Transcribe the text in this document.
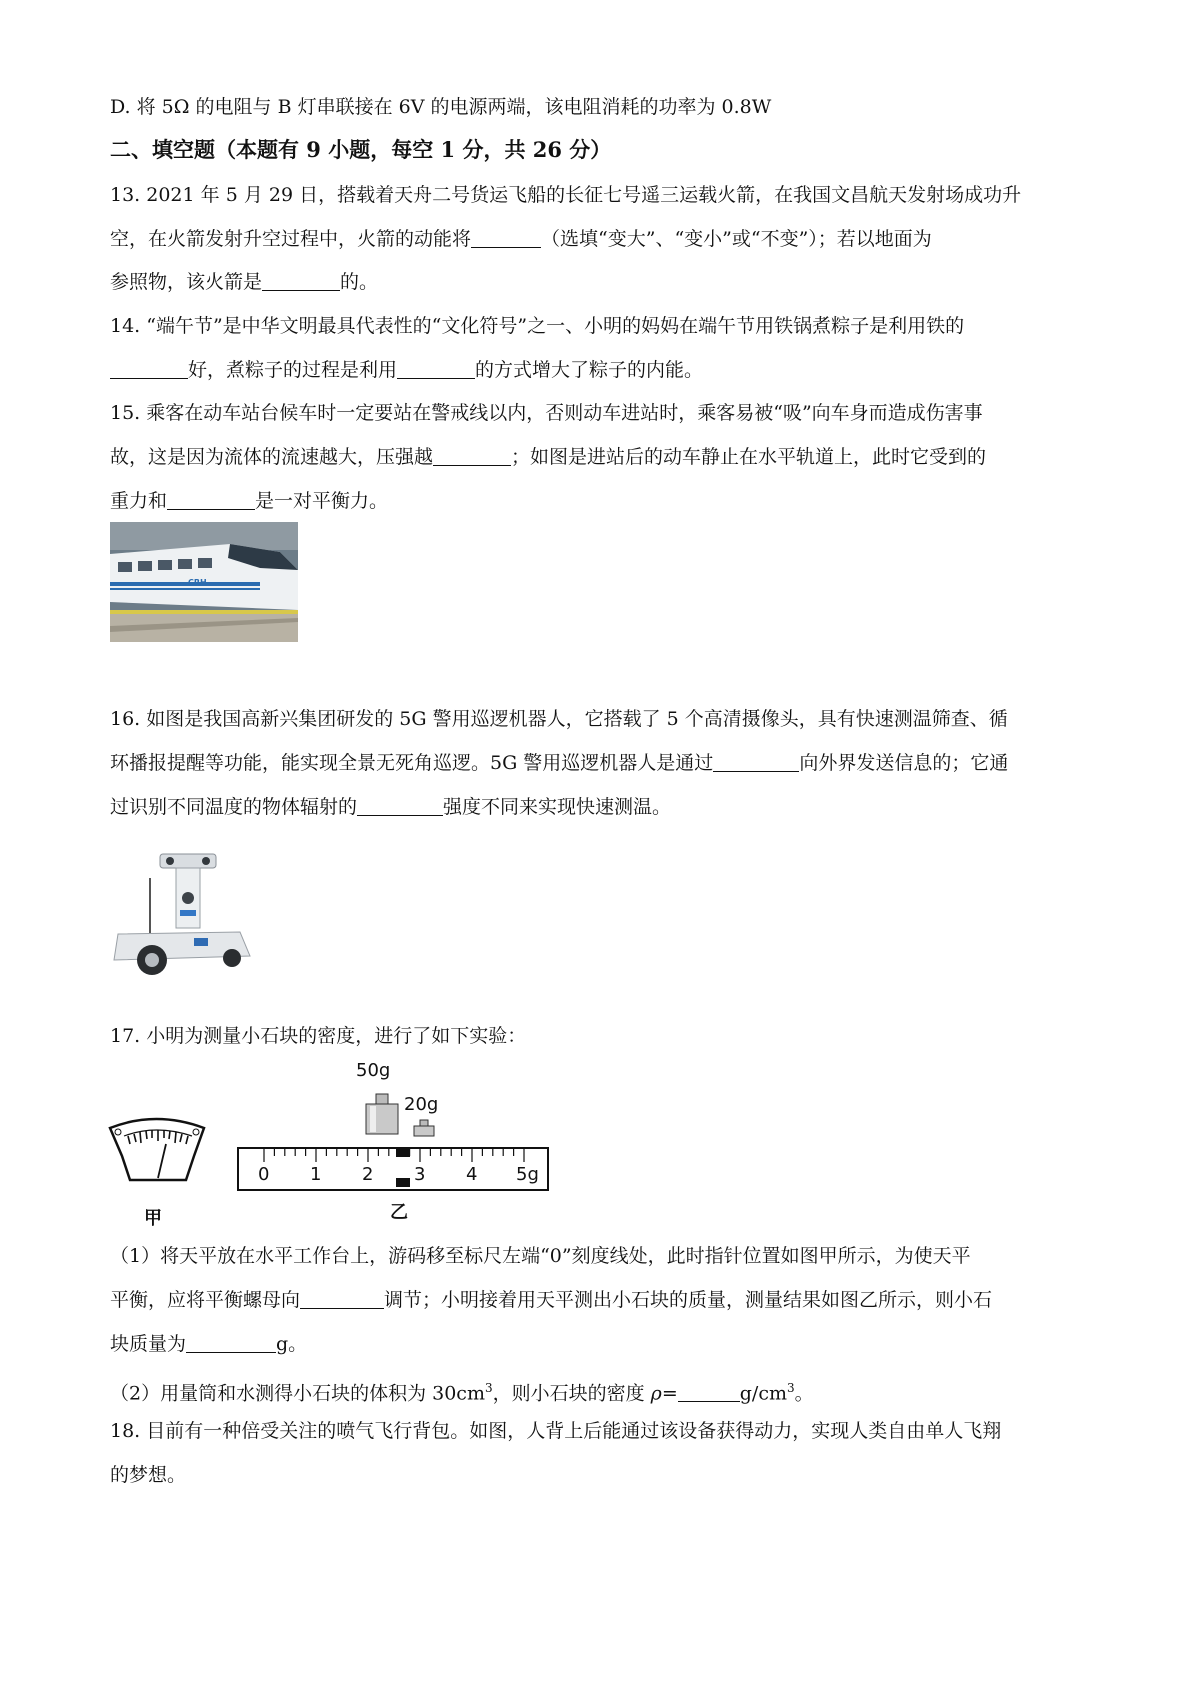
D. 将 5Ω 的电阻与 B 灯串联接在 6V 的电源两端，该电阻消耗的功率为 0.8W
二、填空题（本题有 9 小题，每空 1 分，共 26 分）
13. 2021 年 5 月 29 日，搭载着天舟二号货运飞船的长征七号遥三运载火箭，在我国文昌航天发射场成功升
空，在火箭发射升空过程中，火箭的动能将	（选填“变大”、“变小”或“不变”）；若以地面为
参照物，该火箭是	的。
14. “端午节”是中华文明最具代表性的“文化符号”之一、小明的妈妈在端午节用铁锅煮粽子是利用铁的
好，煮粽子的过程是利用	的方式增大了粽子的内能。
15. 乘客在动车站台候车时一定要站在警戒线以内，否则动车进站时，乘客易被“吸”向车身而造成伤害事
故，这是因为流体的流速越大，压强越	；如图是进站后的动车静止在水平轨道上，此时它受到的
重力和	是一对平衡力。
CRH
16. 如图是我国高新兴集团研发的 5G 警用巡逻机器人，它搭载了 5 个高清摄像头，具有快速测温筛查、循
环播报提醒等功能，能实现全景无死角巡逻。5G 警用巡逻机器人是通过	向外界发送信息的；它通
过识别不同温度的物体辐射的	强度不同来实现快速测温。
17. 小明为测量小石块的密度，进行了如下实验：
50g
20g
0 1 2 3 4 5g
甲	乙
（1）将天平放在水平工作台上，游码移至标尺左端“0”刻度线处，此时指针位置如图甲所示，为使天平
平衡，应将平衡螺母向	调节；小明接着用天平测出小石块的质量，测量结果如图乙所示，则小石
块质量为	g。
（2）用量筒和水测得小石块的体积为 $30cm^3$，则小石块的密度 ρ=	$g/cm^3$。
18. 目前有一种倍受关注的喷气飞行背包。如图，人背上后能通过该设备获得动力，实现人类自由单人飞翔
的梦想。
